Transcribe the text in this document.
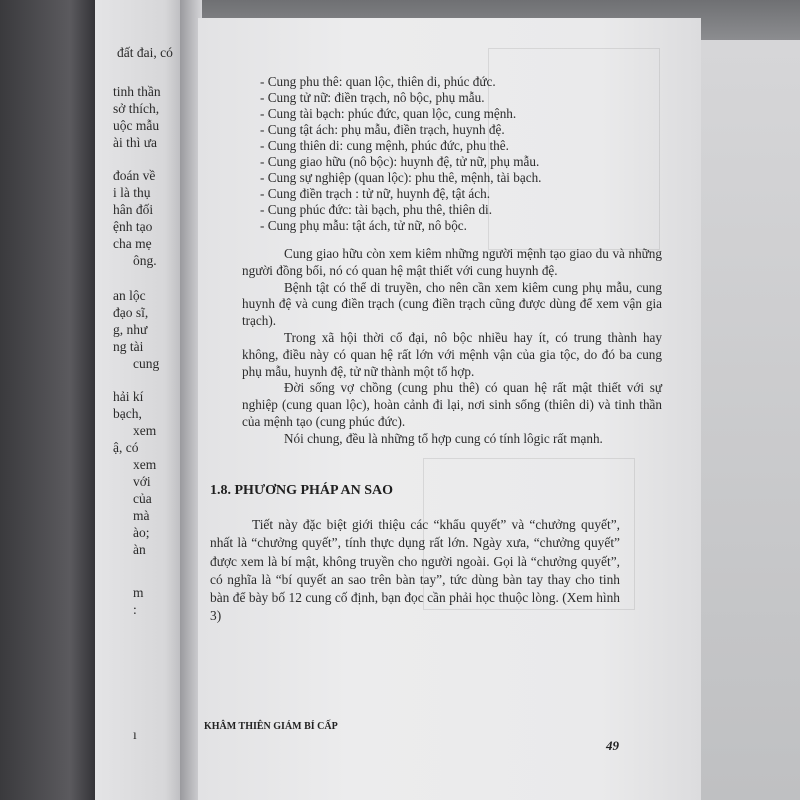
đất đai, có
tinh thần
sở thích,
uộc mẫu
ài thì ưa
đoán về
i là thụ
hân đối
ệnh tạo
cha mẹ
ông.
an lộc
đạo sĩ,
g, như
ng tài
cung
hải kí
bạch,
xem
ậ, có
xem
với
của
mà
ào;
àn
m
:
ı
- Cung phu thê: quan lộc, thiên di, phúc đức.
- Cung tử nữ: điền trạch, nô bộc, phụ mẫu.
- Cung tài bạch: phúc đức, quan lộc, cung mệnh.
- Cung tật ách: phụ mẫu, điền trạch, huynh đệ.
- Cung thiên di: cung mệnh, phúc đức, phu thê.
- Cung giao hữu (nô bộc): huynh đệ, tử nữ, phụ mẫu.
- Cung sự nghiệp (quan lộc): phu thê, mệnh, tài bạch.
- Cung điền trạch : tử nữ, huynh đệ, tật ách.
- Cung phúc đức: tài bạch, phu thê, thiên di.
- Cung phụ mẫu: tật ách, tử nữ, nô bộc.

Cung giao hữu còn xem kiêm những người mệnh tạo giao du và những người đồng bối, nó có quan hệ mật thiết với cung huynh đệ.

Bệnh tật có thể di truyền, cho nên cần xem kiêm cung phụ mẫu, cung huynh đệ và cung điền trạch (cung điền trạch cũng được dùng để xem vận gia trạch).

Trong xã hội thời cổ đại, nô bộc nhiều hay ít, có trung thành hay không, điều này có quan hệ rất lớn với mệnh vận của gia tộc, do đó ba cung phụ mẫu, huynh đệ, tử nữ thành một tổ hợp.

Đời sống vợ chồng (cung phu thê) có quan hệ rất mật thiết với sự nghiệp (cung quan lộc), hoàn cảnh đi lại, nơi sinh sống (thiên di) và tinh thần của mệnh tạo (cung phúc đức).

Nói chung, đều là những tổ hợp cung có tính lôgic rất mạnh.

1.8. PHƯƠNG PHÁP AN SAO

Tiết này đặc biệt giới thiệu các “khẩu quyết” và “chưởng quyết”, nhất là “chưởng quyết”, tính thực dụng rất lớn. Ngày xưa, “chưởng quyết” được xem là bí mật, không truyền cho người ngoài. Gọi là “chưởng quyết”, có nghĩa là “bí quyết an sao trên bàn tay”, tức dùng bàn tay thay cho tinh bàn để bày bố 12 cung cố định, bạn đọc cần phải học thuộc lòng. (Xem hình 3)

KHÂM THIÊN GIÁM BÍ CẤP
49
